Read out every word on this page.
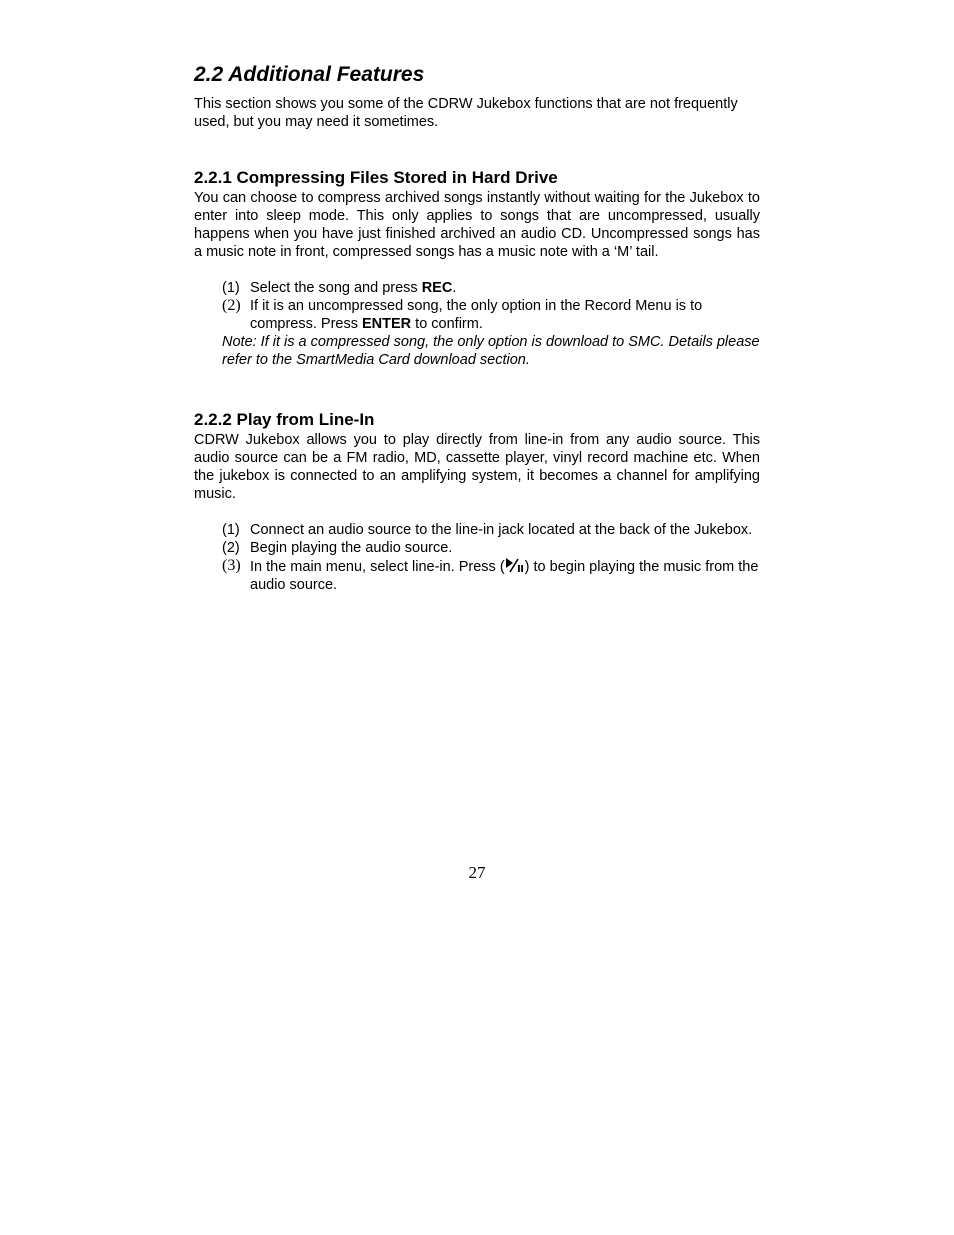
2.2 Additional Features

This section shows you some of the CDRW Jukebox functions that are not frequently used, but you may need it sometimes.

2.2.1 Compressing Files Stored in Hard Drive

You can choose to compress archived songs instantly without waiting for the Jukebox to enter into sleep mode. This only applies to songs that are uncompressed, usually happens when you have just finished archived an audio CD. Uncompressed songs has a music note in front, compressed songs has a music note with a ‘M’ tail.

(1) Select the song and press REC.
(2) If it is an uncompressed song, the only option in the Record Menu is to compress. Press ENTER to confirm.

Note: If it is a compressed song, the only option is download to SMC. Details please refer to the SmartMedia Card download section.

2.2.2 Play from Line-In

CDRW Jukebox allows you to play directly from line-in from any audio source. This audio source can be a FM radio, MD, cassette player, vinyl record machine etc. When the jukebox is connected to an amplifying system, it becomes a channel for amplifying music.

(1) Connect an audio source to the line-in jack located at the back of the Jukebox.
(2) Begin playing the audio source.
(3) In the main menu, select line-in. Press ( ) to begin playing the music from the audio source.
27
